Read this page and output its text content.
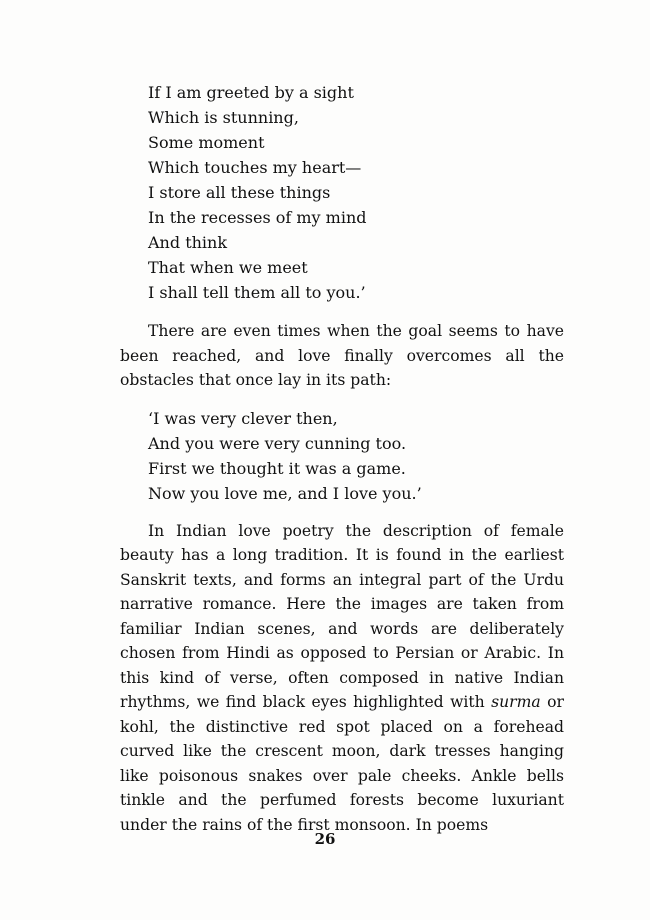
If I am greeted by a sight
Which is stunning,
Some moment
Which touches my heart—
I store all these things
In the recesses of my mind
And think
That when we meet
I shall tell them all to you.’

There are even times when the goal seems to have been reached, and love finally overcomes all the obstacles that once lay in its path:

‘I was very clever then,
And you were very cunning too.
First we thought it was a game.
Now you love me, and I love you.’

In Indian love poetry the description of female beauty has a long tradition. It is found in the earliest Sanskrit texts, and forms an integral part of the Urdu narrative romance. Here the images are taken from familiar Indian scenes, and words are deliberately chosen from Hindi as opposed to Persian or Arabic. In this kind of verse, often composed in native Indian rhythms, we find black eyes highlighted with surma or kohl, the distinctive red spot placed on a forehead curved like the crescent moon, dark tresses hanging like poisonous snakes over pale cheeks. Ankle bells tinkle and the perfumed forests become luxuriant under the rains of the first monsoon. In poems

26
